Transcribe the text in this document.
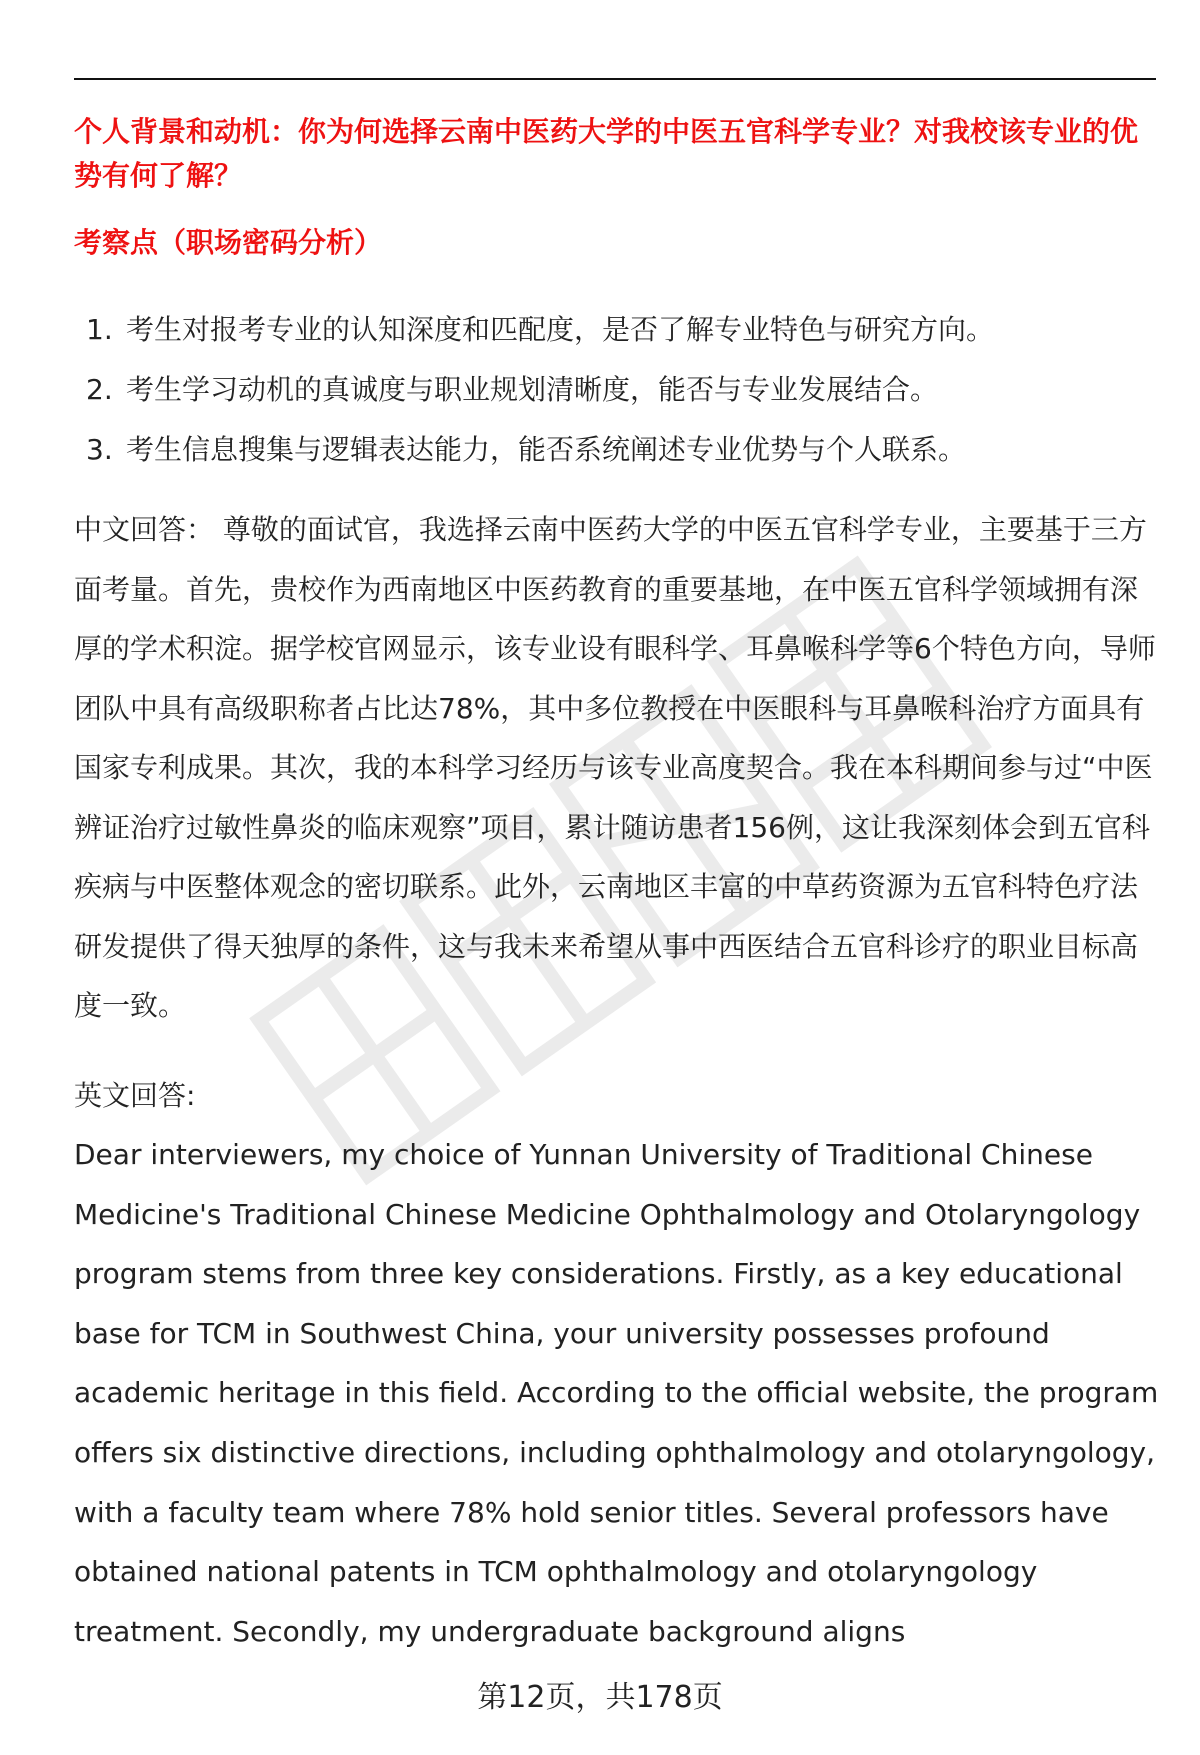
个人背景和动机：你为何选择云南中医药大学的中医五官科学专业？对我校该专业的优势有何了解？

考察点（职场密码分析）

1. 考生对报考专业的认知深度和匹配度，是否了解专业特色与研究方向。
2. 考生学习动机的真诚度与职业规划清晰度，能否与专业发展结合。
3. 考生信息搜集与逻辑表达能力，能否系统阐述专业优势与个人联系。

中文回答： 尊敬的面试官，我选择云南中医药大学的中医五官科学专业，主要基于三方面考量。首先，贵校作为西南地区中医药教育的重要基地，在中医五官科学领域拥有深厚的学术积淀。据学校官网显示，该专业设有眼科学、耳鼻喉科学等6个特色方向，导师团队中具有高级职称者占比达78%，其中多位教授在中医眼科与耳鼻喉科治疗方面具有国家专利成果。其次，我的本科学习经历与该专业高度契合。我在本科期间参与过“中医辨证治疗过敏性鼻炎的临床观察”项目，累计随访患者156例，这让我深刻体会到五官科疾病与中医整体观念的密切联系。此外，云南地区丰富的中草药资源为五官科特色疗法研发提供了得天独厚的条件，这与我未来希望从事中西医结合五官科诊疗的职业目标高度一致。

英文回答:

Dear interviewers, my choice of Yunnan University of Traditional Chinese Medicine's Traditional Chinese Medicine Ophthalmology and Otolaryngology program stems from three key considerations. Firstly, as a key educational base for TCM in Southwest China, your university possesses profound academic heritage in this field. According to the official website, the program offers six distinctive directions, including ophthalmology and otolaryngology, with a faculty team where 78% hold senior titles. Several professors have obtained national patents in TCM ophthalmology and otolaryngology treatment. Secondly, my undergraduate background aligns

第12页，共178页
